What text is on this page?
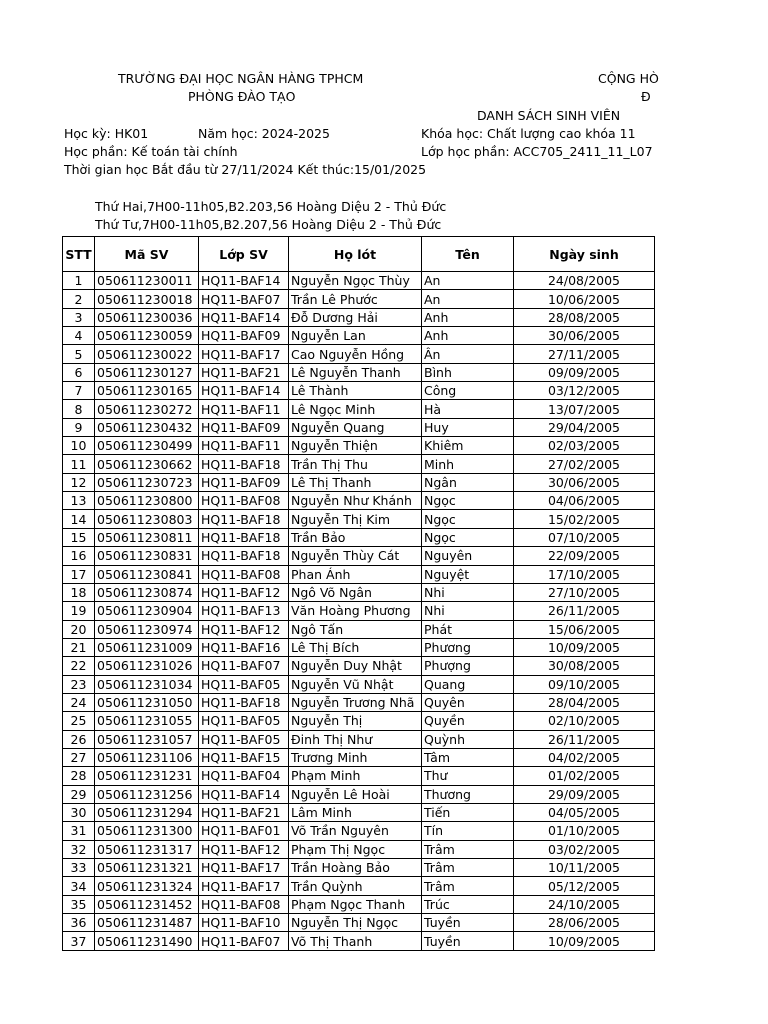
TRƯỜNG ĐẠI HỌC NGÂN HÀNG TPHCM
PHÒNG ĐÀO TẠO
CỘNG HÒ
Đ
DANH SÁCH SINH VIÊN
Học kỳ: HK01	Năm học: 2024-2025	Khóa học: Chất lượng cao khóa 11
Học phần: Kế toán tài chính	Lớp học phần: ACC705_2411_11_L07
Thời gian học Bắt đầu từ 27/11/2024 Kết thúc:15/01/2025
Thứ Hai,7H00-11h05,B2.203,56 Hoàng Diệu 2 - Thủ Đức
Thứ Tư,7H00-11h05,B2.207,56 Hoàng Diệu 2 - Thủ Đức
STT	Mã SV	Lớp SV	Họ lót	Tên	Ngày sinh
1	050611230011	HQ11-BAF14	Nguyễn Ngọc Thùy	An	24/08/2005
2	050611230018	HQ11-BAF07	Trần Lê Phước	An	10/06/2005
3	050611230036	HQ11-BAF14	Đỗ Dương Hải	Anh	28/08/2005
4	050611230059	HQ11-BAF09	Nguyễn Lan	Anh	30/06/2005
5	050611230022	HQ11-BAF17	Cao Nguyễn Hồng	Ân	27/11/2005
6	050611230127	HQ11-BAF21	Lê Nguyễn Thanh	Bình	09/09/2005
7	050611230165	HQ11-BAF14	Lê Thành	Công	03/12/2005
8	050611230272	HQ11-BAF11	Lê Ngọc Minh	Hà	13/07/2005
9	050611230432	HQ11-BAF09	Nguyễn Quang	Huy	29/04/2005
10	050611230499	HQ11-BAF11	Nguyễn Thiện	Khiêm	02/03/2005
11	050611230662	HQ11-BAF18	Trần Thị Thu	Minh	27/02/2005
12	050611230723	HQ11-BAF09	Lê Thị Thanh	Ngân	30/06/2005
13	050611230800	HQ11-BAF08	Nguyễn Như Khánh	Ngọc	04/06/2005
14	050611230803	HQ11-BAF18	Nguyễn Thị Kim	Ngọc	15/02/2005
15	050611230811	HQ11-BAF18	Trần Bảo	Ngọc	07/10/2005
16	050611230831	HQ11-BAF18	Nguyễn Thùy Cát	Nguyên	22/09/2005
17	050611230841	HQ11-BAF08	Phan Ánh	Nguyệt	17/10/2005
18	050611230874	HQ11-BAF12	Ngô Võ Ngân	Nhi	27/10/2005
19	050611230904	HQ11-BAF13	Văn Hoàng Phương	Nhi	26/11/2005
20	050611230974	HQ11-BAF12	Ngô Tấn	Phát	15/06/2005
21	050611231009	HQ11-BAF16	Lê Thị Bích	Phương	10/09/2005
22	050611231026	HQ11-BAF07	Nguyễn Duy Nhật	Phượng	30/08/2005
23	050611231034	HQ11-BAF05	Nguyễn Vũ Nhật	Quang	09/10/2005
24	050611231050	HQ11-BAF18	Nguyễn Trương Nhã	Quyên	28/04/2005
25	050611231055	HQ11-BAF05	Nguyễn Thị	Quyền	02/10/2005
26	050611231057	HQ11-BAF05	Đinh Thị Như	Quỳnh	26/11/2005
27	050611231106	HQ11-BAF15	Trương Minh	Tâm	04/02/2005
28	050611231231	HQ11-BAF04	Phạm Minh	Thư	01/02/2005
29	050611231256	HQ11-BAF14	Nguyễn Lê Hoài	Thương	29/09/2005
30	050611231294	HQ11-BAF21	Lâm Minh	Tiến	04/05/2005
31	050611231300	HQ11-BAF01	Võ Trần Nguyên	Tín	01/10/2005
32	050611231317	HQ11-BAF12	Phạm Thị Ngọc	Trâm	03/02/2005
33	050611231321	HQ11-BAF17	Trần Hoàng Bảo	Trâm	10/11/2005
34	050611231324	HQ11-BAF17	Trần Quỳnh	Trâm	05/12/2005
35	050611231452	HQ11-BAF08	Phạm Ngọc Thanh	Trúc	24/10/2005
36	050611231487	HQ11-BAF10	Nguyễn Thị Ngọc	Tuyền	28/06/2005
37	050611231490	HQ11-BAF07	Võ Thị Thanh	Tuyền	10/09/2005
